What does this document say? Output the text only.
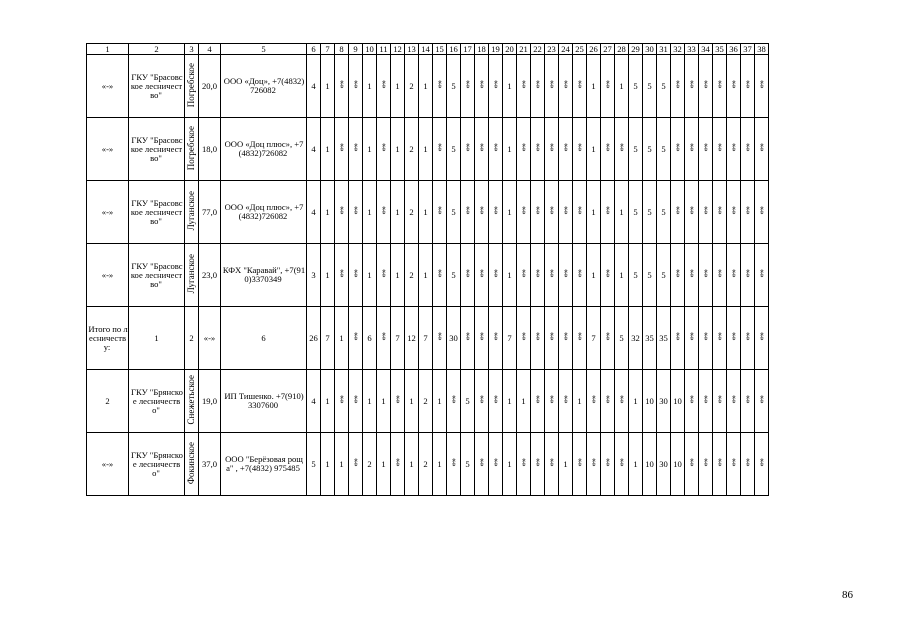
1	2	3	4	5	6	7	8	9	10	11	12	13	14	15	16	17	18	19	20	21	22	23	24	25	26	27	28	29	30	31	32	33	34	35	36	37	38
«-»	ГКУ "Брасовское лесничество"	Погребское	20,0	ООО «Доц», +7(4832)726082	4	1	«-»	«-»	1	«-»	1	2	1	«-»	5	«-»	«-»	«-»	1	«-»	«-»	«-»	«-»	«-»	1	«-»	1	5	5	5	«-»	«-»	«-»	«-»	«-»	«-»	«-»
«-»	ГКУ "Брасовское лесничество"	Погребское	18,0	ООО «Доц плюс», +7(4832)726082	4	1	«-»	«-»	1	«-»	1	2	1	«-»	5	«-»	«-»	«-»	1	«-»	«-»	«-»	«-»	«-»	1	«-»	«-»	5	5	5	«-»	«-»	«-»	«-»	«-»	«-»	«-»
«-»	ГКУ "Брасовское лесничество"	Луганское	77,0	ООО «Доц плюс», +7(4832)726082	4	1	«-»	«-»	1	«-»	1	2	1	«-»	5	«-»	«-»	«-»	1	«-»	«-»	«-»	«-»	«-»	1	«-»	1	5	5	5	«-»	«-»	«-»	«-»	«-»	«-»	«-»
«-»	ГКУ "Брасовское лесничество"	Луганское	23,0	КФХ "Каравай", +7(910)3370349	3	1	«-»	«-»	1	«-»	1	2	1	«-»	5	«-»	«-»	«-»	1	«-»	«-»	«-»	«-»	«-»	1	«-»	1	5	5	5	«-»	«-»	«-»	«-»	«-»	«-»	«-»
Итого по лесничеству:	1	2	«-»	6	26	7	1	«-»	6	«-»	7	12	7	«-»	30	«-»	«-»	«-»	7	«-»	«-»	«-»	«-»	«-»	7	«-»	5	32	35	35	«-»	«-»	«-»	«-»	«-»	«-»	«-»
2	ГКУ "Брянское лесничество"	Снежетьское	19,0	ИП Тишенко. +7(910) 3307600	4	1	«-»	«-»	1	1	«-»	1	2	1	«-»	5	«-»	«-»	1	1	«-»	«-»	«-»	1	«-»	«-»	«-»	1	10	30	10	«-»	«-»	«-»	«-»	«-»	«-»
«-»	ГКУ "Брянское лесничество"	Фокинское	37,0	ООО "Берёзовая роща" , +7(4832) 975485	5	1	1	«-»	2	1	«-»	1	2	1	«-»	5	«-»	«-»	1	«-»	«-»	«-»	1	«-»	«-»	«-»	«-»	1	10	30	10	«-»	«-»	«-»	«-»	«-»	«-»
86
